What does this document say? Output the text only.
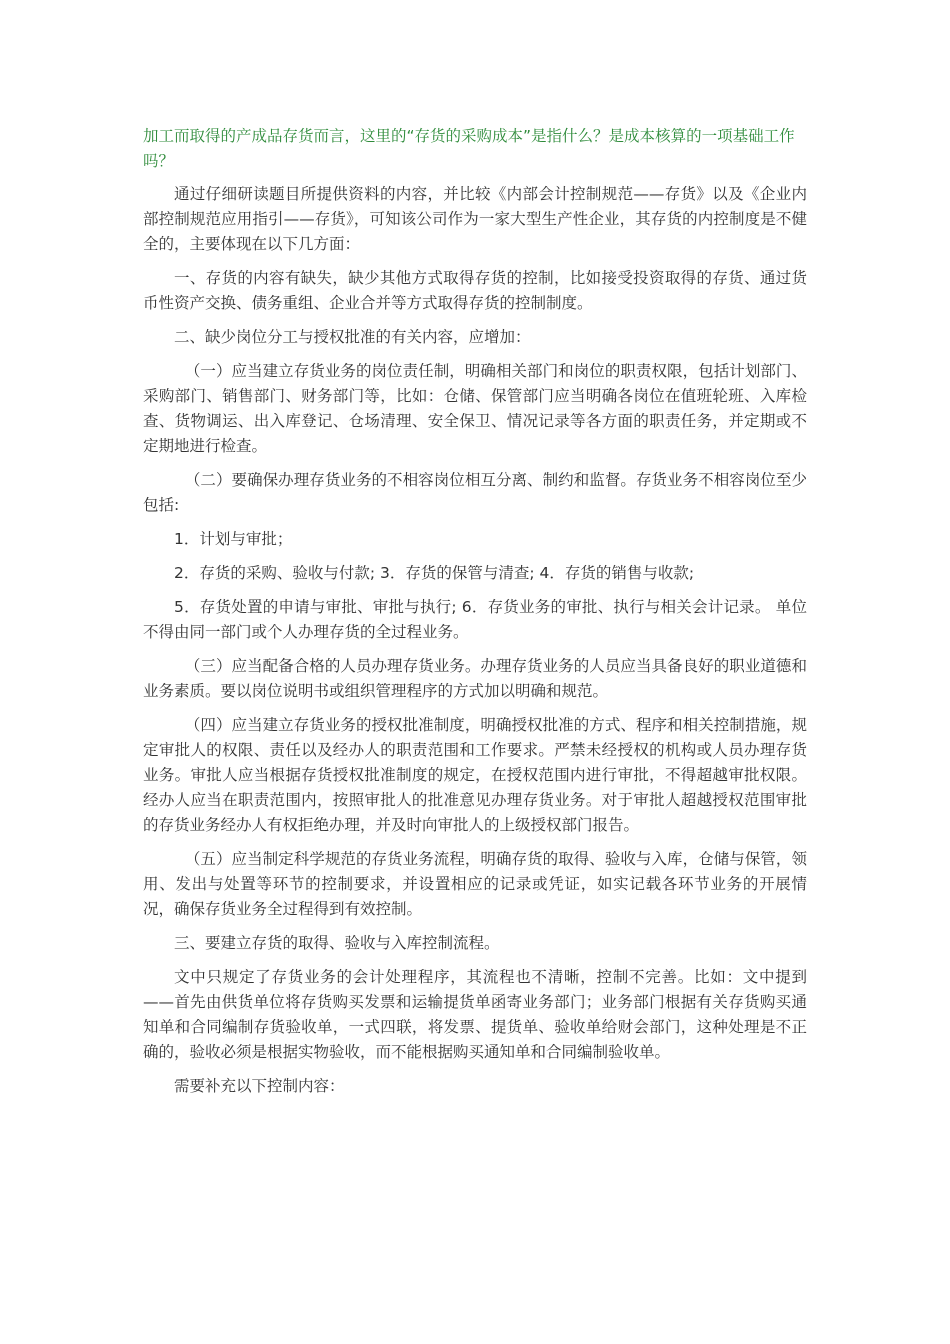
加工而取得的产成品存货而言，这里的“存货的采购成本”是指什么？是成本核算的一项基础工作吗？

通过仔细研读题目所提供资料的内容，并比较《内部会计控制规范——存货》以及《企业内部控制规范应用指引——存货》，可知该公司作为一家大型生产性企业，其存货的内控制度是不健全的，主要体现在以下几方面：

一、存货的内容有缺失，缺少其他方式取得存货的控制，比如接受投资取得的存货、通过货币性资产交换、债务重组、企业合并等方式取得存货的控制制度。

二、缺少岗位分工与授权批准的有关内容，应增加：

（一）应当建立存货业务的岗位责任制，明确相关部门和岗位的职责权限，包括计划部门、采购部门、销售部门、财务部门等，比如：仓储、保管部门应当明确各岗位在值班轮班、入库检查、货物调运、出入库登记、仓场清理、安全保卫、情况记录等各方面的职责任务，并定期或不定期地进行检查。

（二）要确保办理存货业务的不相容岗位相互分离、制约和监督。存货业务不相容岗位至少包括:

1．计划与审批；

2．存货的采购、验收与付款; 3．存货的保管与清查; 4．存货的销售与收款;

5．存货处置的申请与审批、审批与执行; 6．存货业务的审批、执行与相关会计记录。 单位不得由同一部门或个人办理存货的全过程业务。

（三）应当配备合格的人员办理存货业务。办理存货业务的人员应当具备良好的职业道德和业务素质。要以岗位说明书或组织管理程序的方式加以明确和规范。

（四）应当建立存货业务的授权批准制度，明确授权批准的方式、程序和相关控制措施，规定审批人的权限、责任以及经办人的职责范围和工作要求。严禁未经授权的机构或人员办理存货业务。审批人应当根据存货授权批准制度的规定，在授权范围内进行审批，不得超越审批权限。经办人应当在职责范围内，按照审批人的批准意见办理存货业务。对于审批人超越授权范围审批的存货业务经办人有权拒绝办理，并及时向审批人的上级授权部门报告。

（五）应当制定科学规范的存货业务流程，明确存货的取得、验收与入库，仓储与保管，领用、发出与处置等环节的控制要求，并设置相应的记录或凭证，如实记载各环节业务的开展情况，确保存货业务全过程得到有效控制。

三、要建立存货的取得、验收与入库控制流程。

文中只规定了存货业务的会计处理程序，其流程也不清晰，控制不完善。比如：文中提到——首先由供货单位将存货购买发票和运输提货单函寄业务部门；业务部门根据有关存货购买通知单和合同编制存货验收单，一式四联，将发票、提货单、验收单给财会部门，这种处理是不正确的，验收必须是根据实物验收，而不能根据购买通知单和合同编制验收单。

需要补充以下控制内容：
